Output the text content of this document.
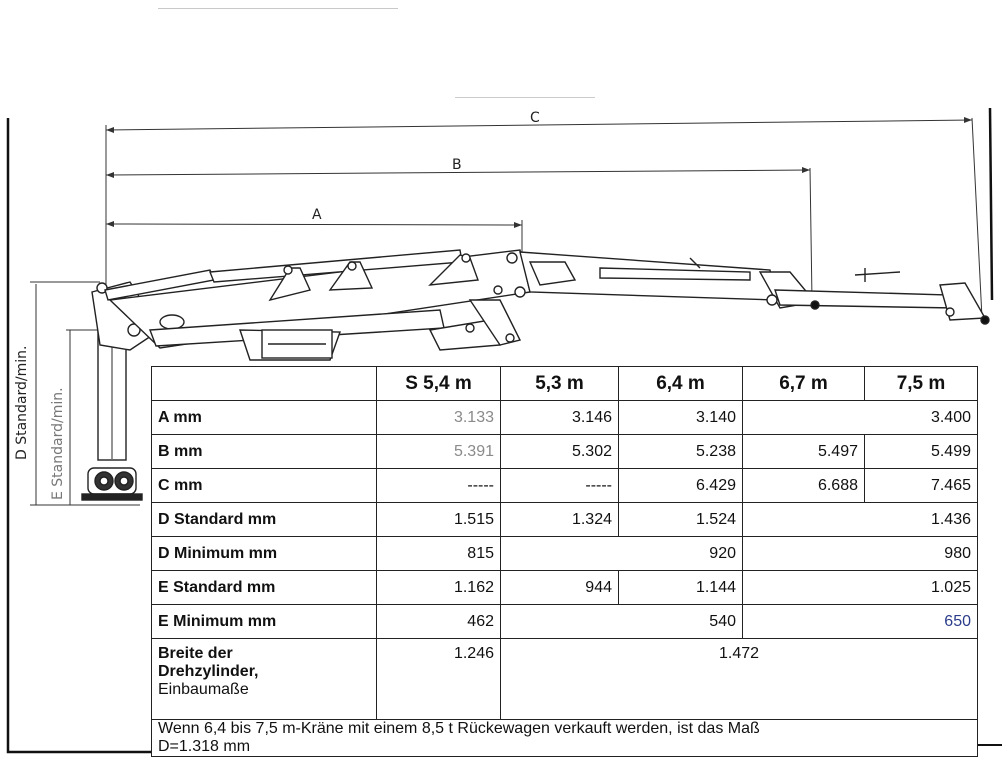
A
B
C
D Standard/min. E Standard/min.
	S 5,4 m	5,3 m	6,4 m	6,7 m	7,5 m
A mm	3.133	3.146	3.140	3.400	
B mm	5.391	5.302	5.238	5.497	5.499
C mm	-----	-----	6.429	6.688	7.465
D Standard mm	1.515	1.324	1.524	1.436	
D Minimum mm	815	920		980	
E Standard mm	1.162	944	1.144	1.025	
E Minimum mm	462	540		650	

Breite der
Drehzylinder,
Einbaumaße	1.246	1.472			

Wenn 6,4 bis 7,5 m-Kräne mit einem 8,5 t Rückewagen verkauft werden, ist das Maß
D=1.318 mm					
